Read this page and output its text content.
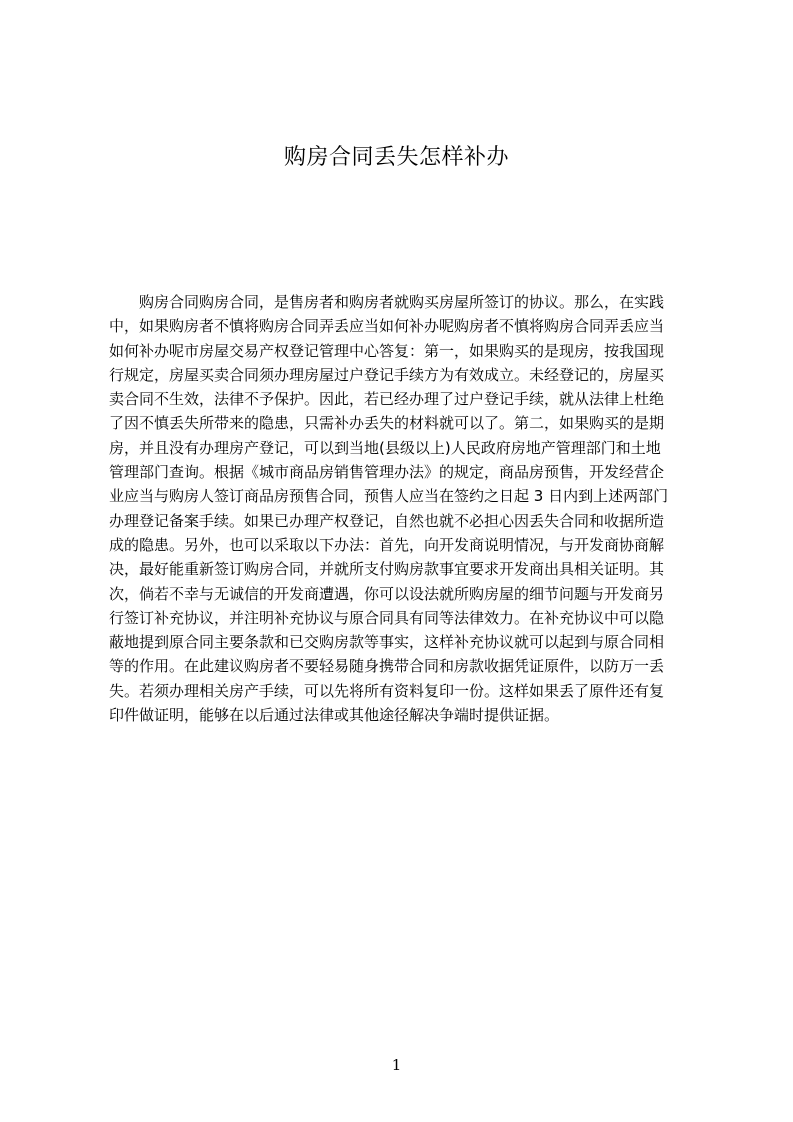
购房合同丢失怎样补办
　　购房合同购房合同，是售房者和购房者就购买房屋所签订的协议。那么，在实践
中，如果购房者不慎将购房合同弄丢应当如何补办呢购房者不慎将购房合同弄丢应当
如何补办呢市房屋交易产权登记管理中心答复：第一，如果购买的是现房，按我国现
行规定，房屋买卖合同须办理房屋过户登记手续方为有效成立。未经登记的，房屋买
卖合同不生效，法律不予保护。因此，若已经办理了过户登记手续，就从法律上杜绝
了因不慎丢失所带来的隐患，只需补办丢失的材料就可以了。第二，如果购买的是期
房，并且没有办理房产登记，可以到当地(县级以上)人民政府房地产管理部门和土地
管理部门查询。根据《城市商品房销售管理办法》的规定，商品房预售，开发经营企
业应当与购房人签订商品房预售合同，预售人应当在签约之日起 3 日内到上述两部门
办理登记备案手续。如果已办理产权登记，自然也就不必担心因丢失合同和收据所造
成的隐患。另外，也可以采取以下办法：首先，向开发商说明情况，与开发商协商解
决，最好能重新签订购房合同，并就所支付购房款事宜要求开发商出具相关证明。其
次，倘若不幸与无诚信的开发商遭遇，你可以设法就所购房屋的细节问题与开发商另
行签订补充协议，并注明补充协议与原合同具有同等法律效力。在补充协议中可以隐
蔽地提到原合同主要条款和已交购房款等事实，这样补充协议就可以起到与原合同相
等的作用。在此建议购房者不要轻易随身携带合同和房款收据凭证原件，以防万一丢
失。若须办理相关房产手续，可以先将所有资料复印一份。这样如果丢了原件还有复
印件做证明，能够在以后通过法律或其他途径解决争端时提供证据。
1
